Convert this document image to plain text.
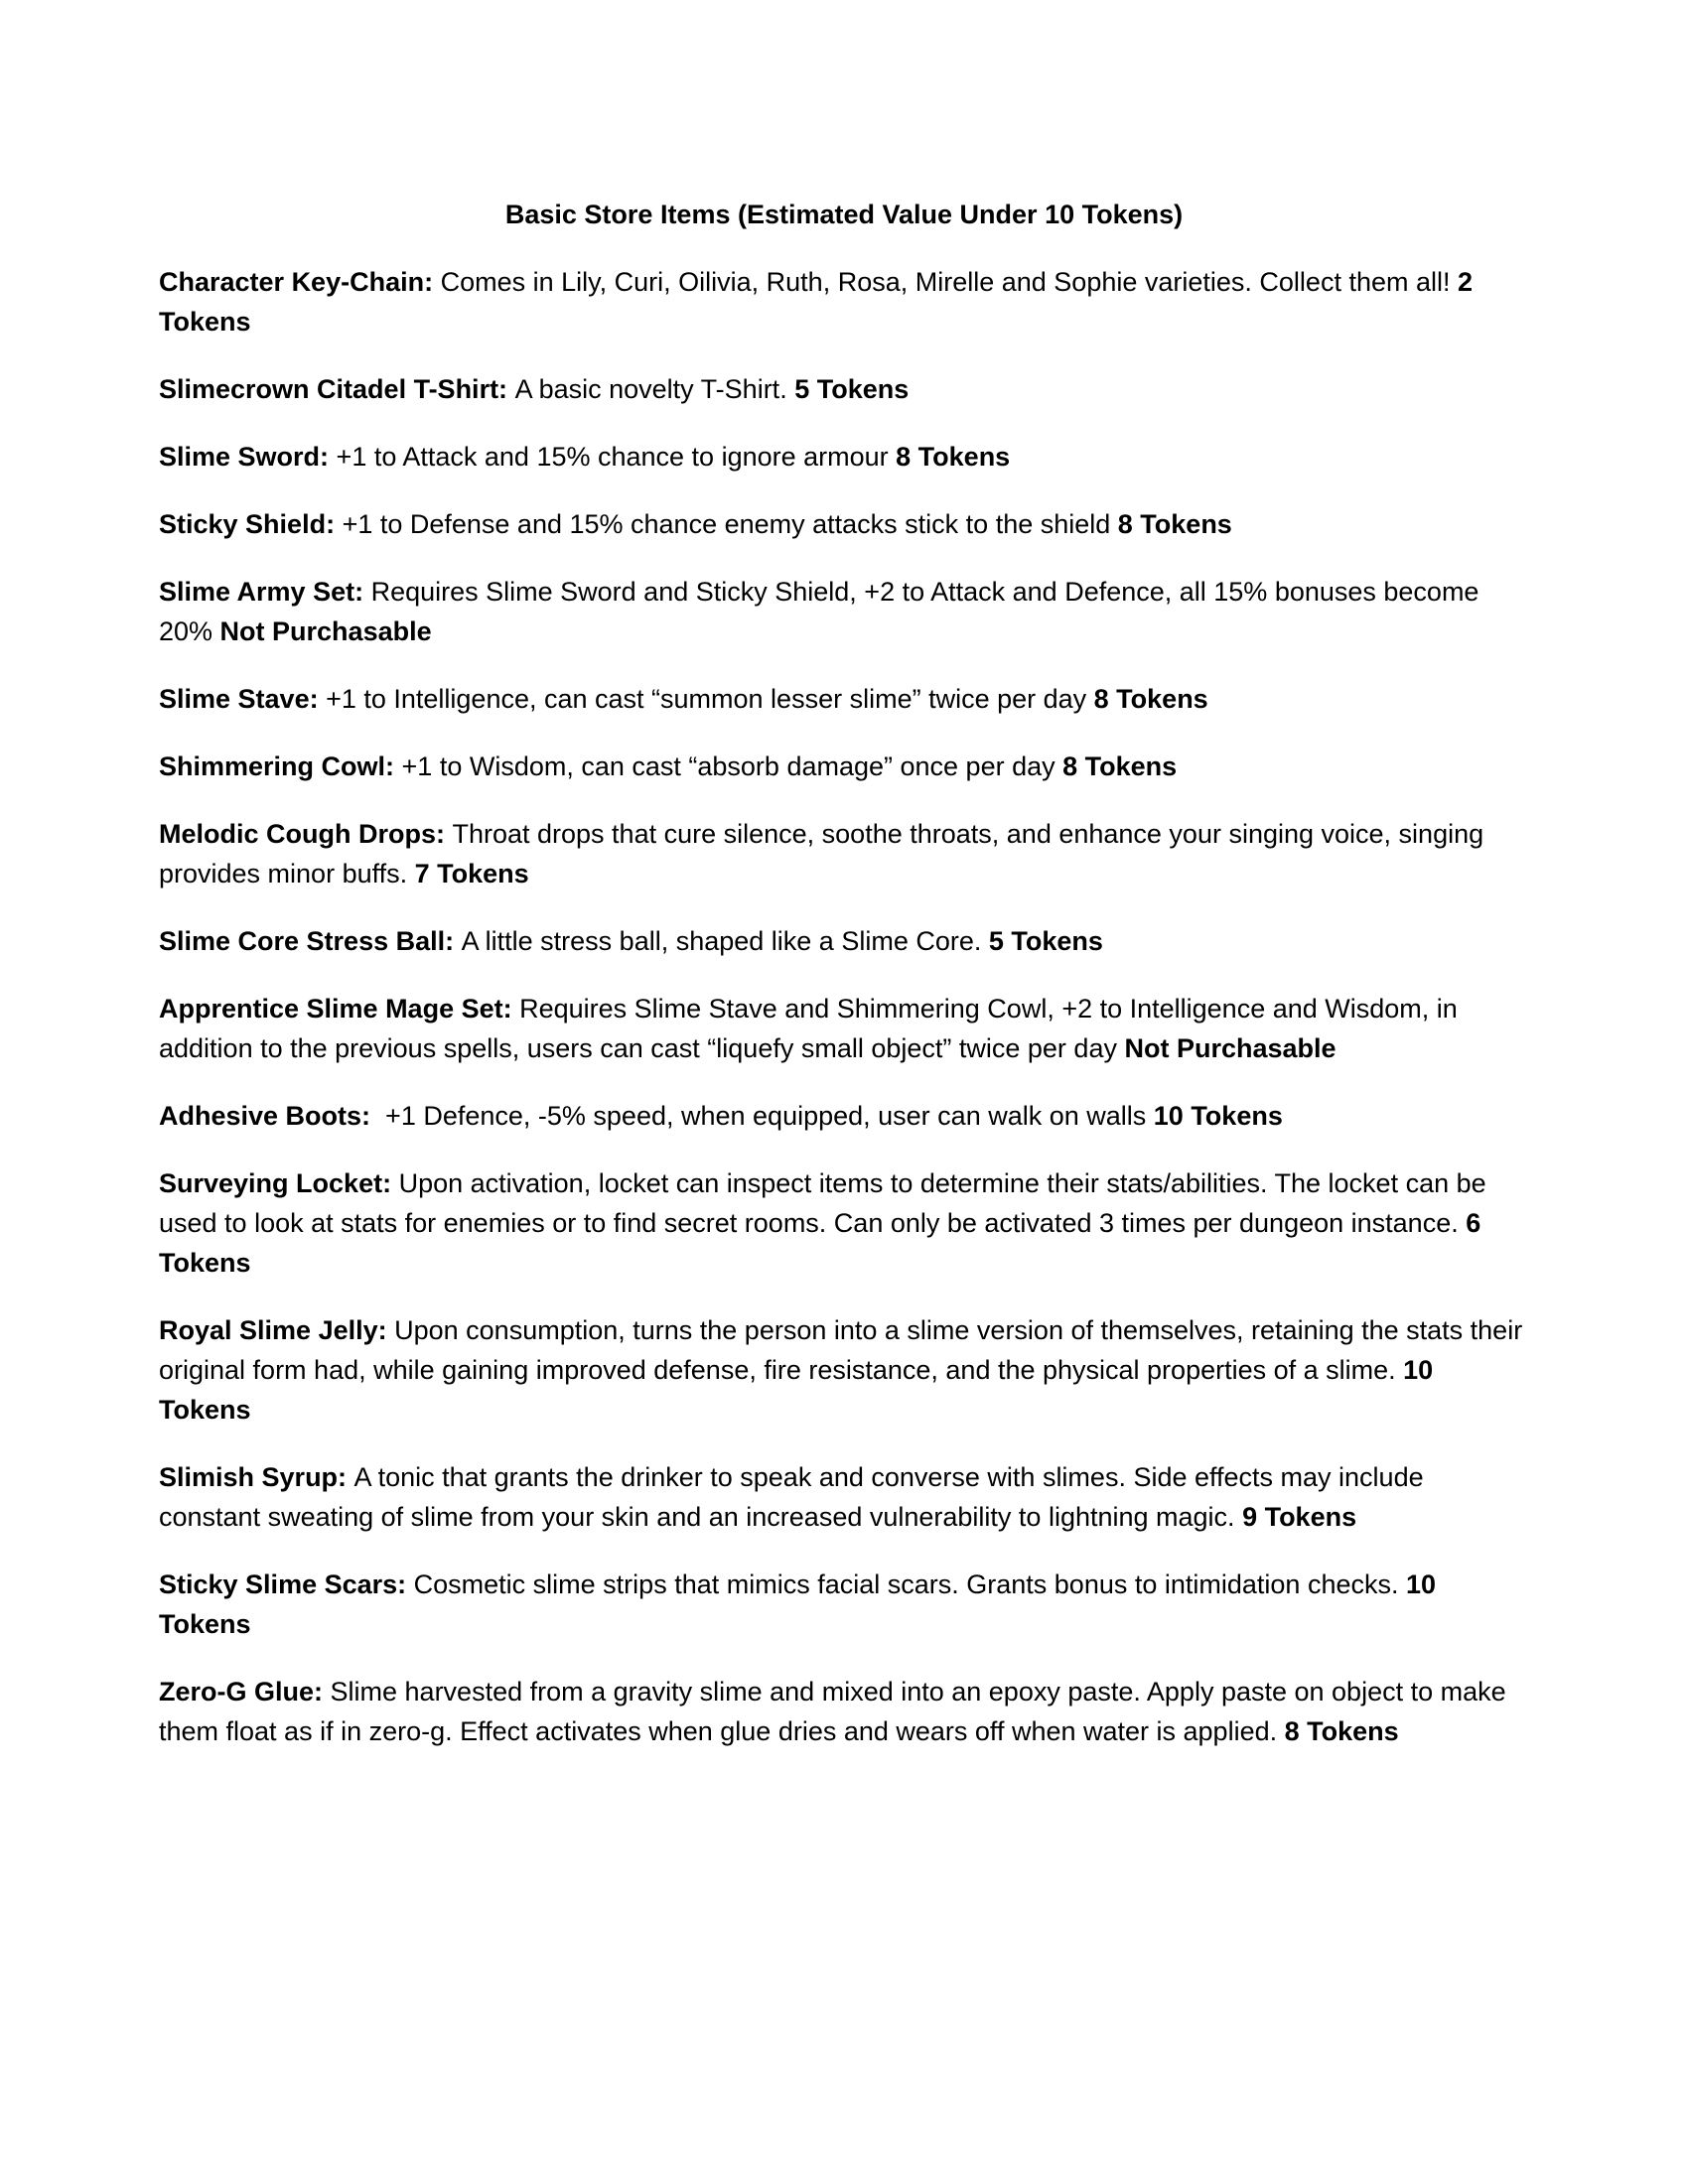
Basic Store Items (Estimated Value Under 10 Tokens)

Character Key-Chain: Comes in Lily, Curi, Oilivia, Ruth, Rosa, Mirelle and Sophie varieties. Collect them all! 2 Tokens

Slimecrown Citadel T-Shirt: A basic novelty T-Shirt. 5 Tokens

Slime Sword: +1 to Attack and 15% chance to ignore armour 8 Tokens

Sticky Shield: +1 to Defense and 15% chance enemy attacks stick to the shield 8 Tokens

Slime Army Set: Requires Slime Sword and Sticky Shield, +2 to Attack and Defence, all 15% bonuses become 20% Not Purchasable

Slime Stave: +1 to Intelligence, can cast “summon lesser slime” twice per day 8 Tokens

Shimmering Cowl: +1 to Wisdom, can cast “absorb damage” once per day 8 Tokens

Melodic Cough Drops: Throat drops that cure silence, soothe throats, and enhance your singing voice, singing provides minor buffs. 7 Tokens

Slime Core Stress Ball: A little stress ball, shaped like a Slime Core. 5 Tokens

Apprentice Slime Mage Set: Requires Slime Stave and Shimmering Cowl, +2 to Intelligence and Wisdom, in addition to the previous spells, users can cast “liquefy small object” twice per day Not Purchasable

Adhesive Boots:  +1 Defence, -5% speed, when equipped, user can walk on walls 10 Tokens

Surveying Locket: Upon activation, locket can inspect items to determine their stats/abilities. The locket can be used to look at stats for enemies or to find secret rooms. Can only be activated 3 times per dungeon instance. 6 Tokens

Royal Slime Jelly: Upon consumption, turns the person into a slime version of themselves, retaining the stats their original form had, while gaining improved defense, fire resistance, and the physical properties of a slime. 10 Tokens

Slimish Syrup: A tonic that grants the drinker to speak and converse with slimes. Side effects may include constant sweating of slime from your skin and an increased vulnerability to lightning magic. 9 Tokens

Sticky Slime Scars: Cosmetic slime strips that mimics facial scars. Grants bonus to intimidation checks. 10 Tokens

Zero-G Glue: Slime harvested from a gravity slime and mixed into an epoxy paste. Apply paste on object to make them float as if in zero-g. Effect activates when glue dries and wears off when water is applied. 8 Tokens
